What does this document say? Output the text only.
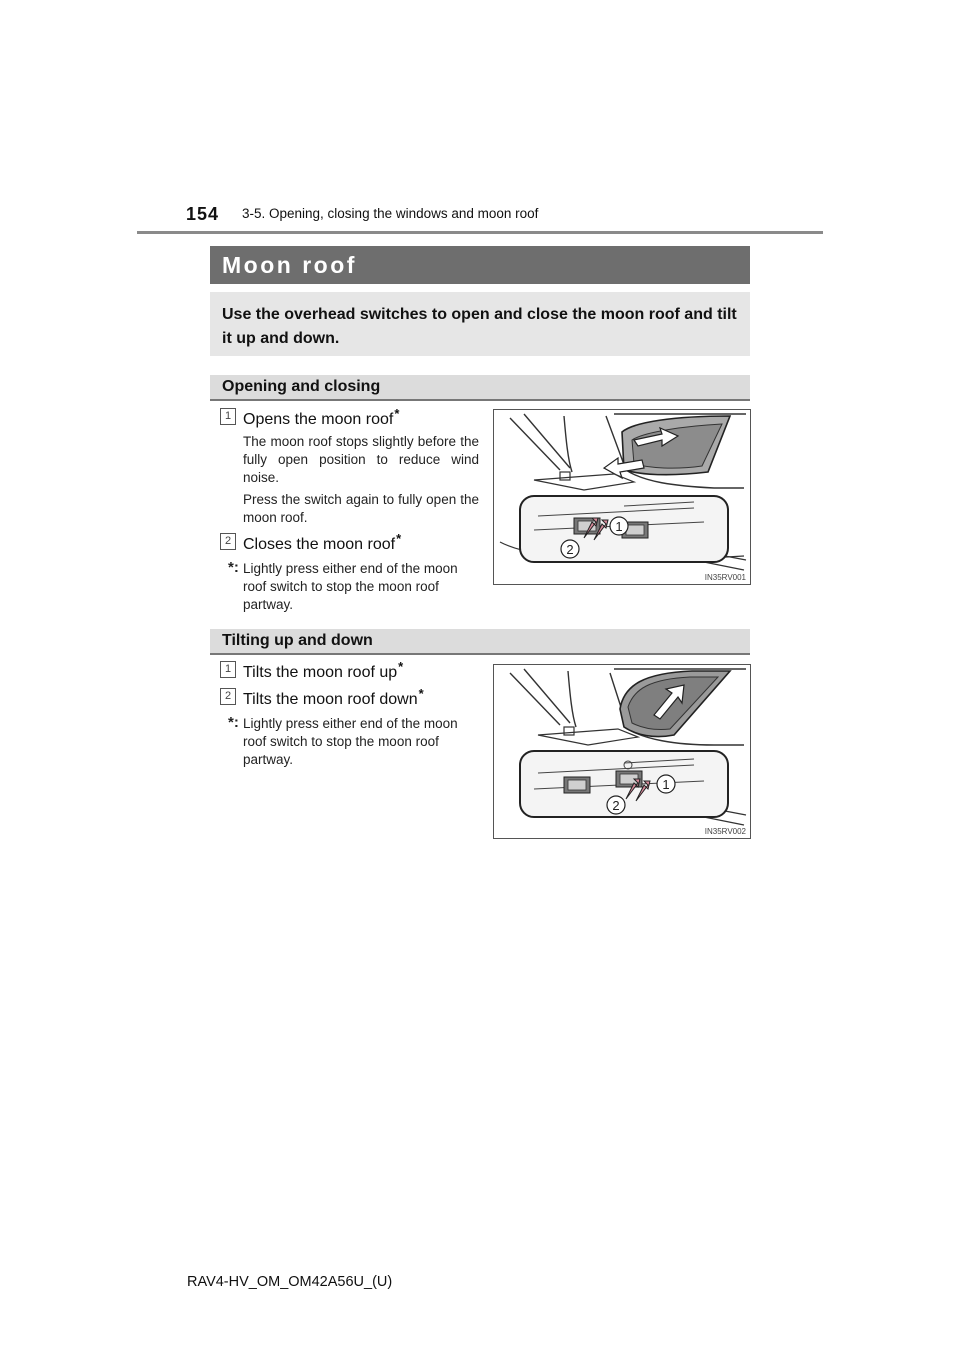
154 3-5. Opening, closing the windows and moon roof
Moon roof
Use the overhead switches to open and close the moon roof and tilt it up and down.
Opening and closing
1 Opens the moon roof*
The moon roof stops slightly before the fully open position to reduce wind noise.
Press the switch again to fully open the moon roof.
2 Closes the moon roof*
*: Lightly press either end of the moon roof switch to stop the moon roof partway.
1
2
IN35RV001
Tilting up and down
1 Tilts the moon roof up*
2 Tilts the moon roof down*
*: Lightly press either end of the moon roof switch to stop the moon roof partway.
1
2
IN35RV002
RAV4-HV_OM_OM42A56U_(U)
